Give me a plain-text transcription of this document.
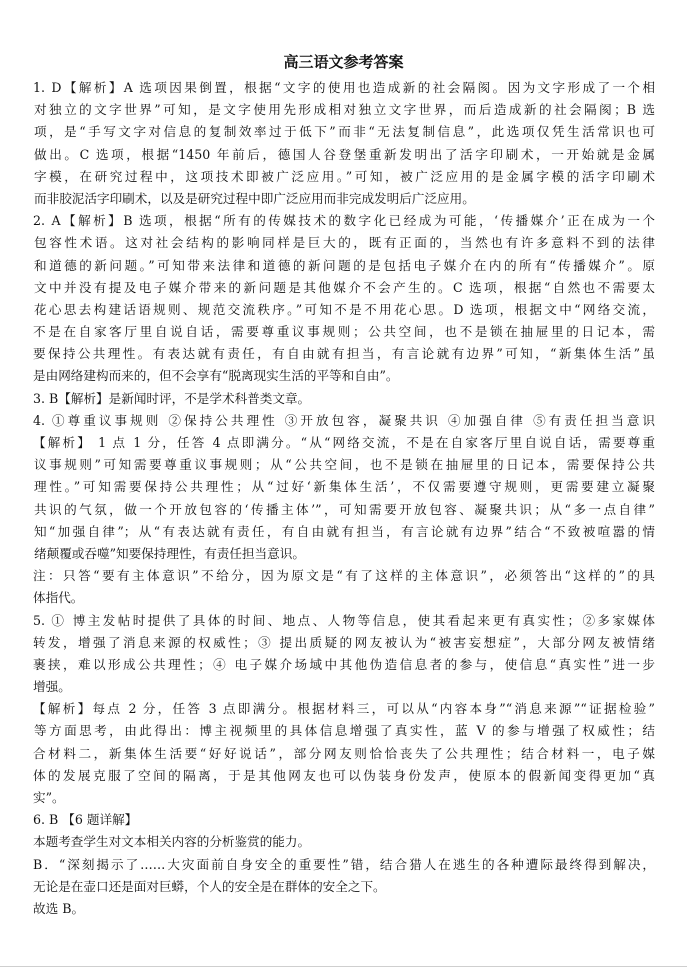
高三语文参考答案
1. D【解析】A 选项因果倒置，根据“文字的使用也造成新的社会隔阂。因为文字形成了一个相
对独立的文字世界”可知，是文字使用先形成相对独立文字世界，而后造成新的社会隔阂；B 选
项，是“手写文字对信息的复制效率过于低下”而非“无法复制信息”，此选项仅凭生活常识也可
做出。C 选项，根据“1450 年前后，德国人谷登堡重新发明出了活字印刷术，一开始就是金属
字模，在研究过程中，这项技术即被广泛应用。”可知，被广泛应用的是金属字模的活字印刷术
而非胶泥活字印刷术，以及是研究过程中即广泛应用而非完成发明后广泛应用。
2. A【解析】B 选项，根据“所有的传媒技术的数字化已经成为可能，‘传播媒介’正在成为一个
包容性术语。这对社会结构的影响同样是巨大的，既有正面的，当然也有许多意料不到的法律
和道德的新问题。”可知带来法律和道德的新问题的是包括电子媒介在内的所有“传播媒介”。原
文中并没有提及电子媒介带来的新问题是其他媒介不会产生的。C 选项，根据“自然也不需要太
花心思去构建话语规则、规范交流秩序。”可知不是不用花心思。D 选项，根据文中“网络交流，
不是在自家客厅里自说自话，需要尊重议事规则；公共空间，也不是锁在抽屉里的日记本，需
要保持公共理性。有表达就有责任，有自由就有担当，有言论就有边界”可知，“新集体生活”虽
是由网络建构而来的，但不会享有“脱离现实生活的平等和自由”。
3. B【解析】是新闻时评，不是学术科普类文章。
4. ①尊重议事规则 ②保持公共理性 ③开放包容，凝聚共识 ④加强自律 ⑤有责任担当意识
【解析】 1 点 1 分，任答 4 点即满分。“从“网络交流，不是在自家客厅里自说自话，需要尊重
议事规则”可知需要尊重议事规则；从“公共空间，也不是锁在抽屉里的日记本，需要保持公共
理性。”可知需要保持公共理性；从“过好‘新集体生活’，不仅需要遵守规则，更需要建立凝聚
共识的气氛，做一个开放包容的‘传播主体’”，可知需要开放包容、凝聚共识；从“多一点自律”
知“加强自律”；从“有表达就有责任，有自由就有担当，有言论就有边界”结合“不致被喧嚣的情
绪颠覆或吞噬”知要保持理性，有责任担当意识。
注：只答“要有主体意识”不给分，因为原文是“有了这样的主体意识”，必须答出“这样的”的具
体指代。
5. ① 博主发帖时提供了具体的时间、地点、人物等信息，使其看起来更有真实性；②多家媒体
转发，增强了消息来源的权威性；③ 提出质疑的网友被认为“被害妄想症”，大部分网友被情绪
裹挟，难以形成公共理性；④ 电子媒介场域中其他伪造信息者的参与，使信息“真实性”进一步
增强。
【解析】每点 2 分，任答 3 点即满分。根据材料三，可以从“内容本身”“消息来源”“证据检验”
等方面思考，由此得出：博主视频里的具体信息增强了真实性，蓝 V 的参与增强了权威性；结
合材料二，新集体生活要“好好说话”，部分网友则恰恰丧失了公共理性；结合材料一，电子媒
体的发展克服了空间的隔离，于是其他网友也可以伪装身份发声，使原本的假新闻变得更加“真
实”。
6. B 【6 题详解】
本题考查学生对文本相关内容的分析鉴赏的能力。
B．“深刻揭示了……大灾面前自身安全的重要性”错，结合猎人在逃生的各种遭际最终得到解决，
无论是在壶口还是面对巨蟒，个人的安全是在群体的安全之下。
故选 B。
